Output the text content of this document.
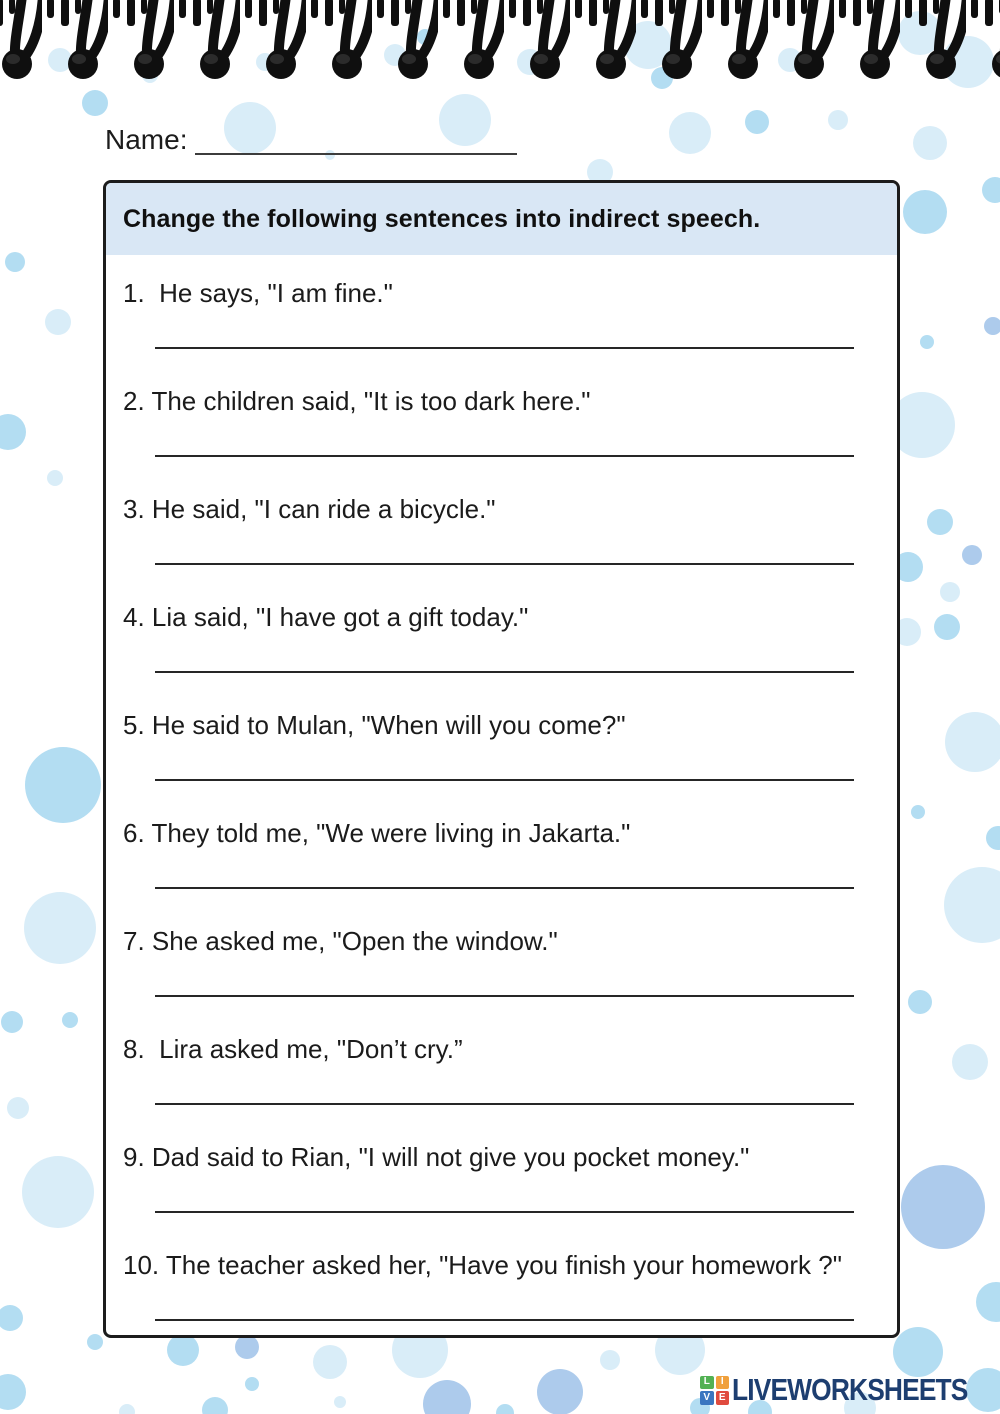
Name:
Change the following sentences into indirect speech.
1.  He says, "I am fine."
2. The children said, "It is too dark here."
3. He said, "I can ride a bicycle."
4. Lia said, "I have got a gift today."
5. He said to Mulan, "When will you come?"
6. They told me, "We were living in Jakarta."
7. She asked me, "Open the window."
8.  Lira asked me, "Don’t cry.”
9. Dad said to Rian, "I will not give you pocket money."
10. The teacher asked her, "Have you finish your homework ?"
L	I
V E LIVEWORKSHEETS
